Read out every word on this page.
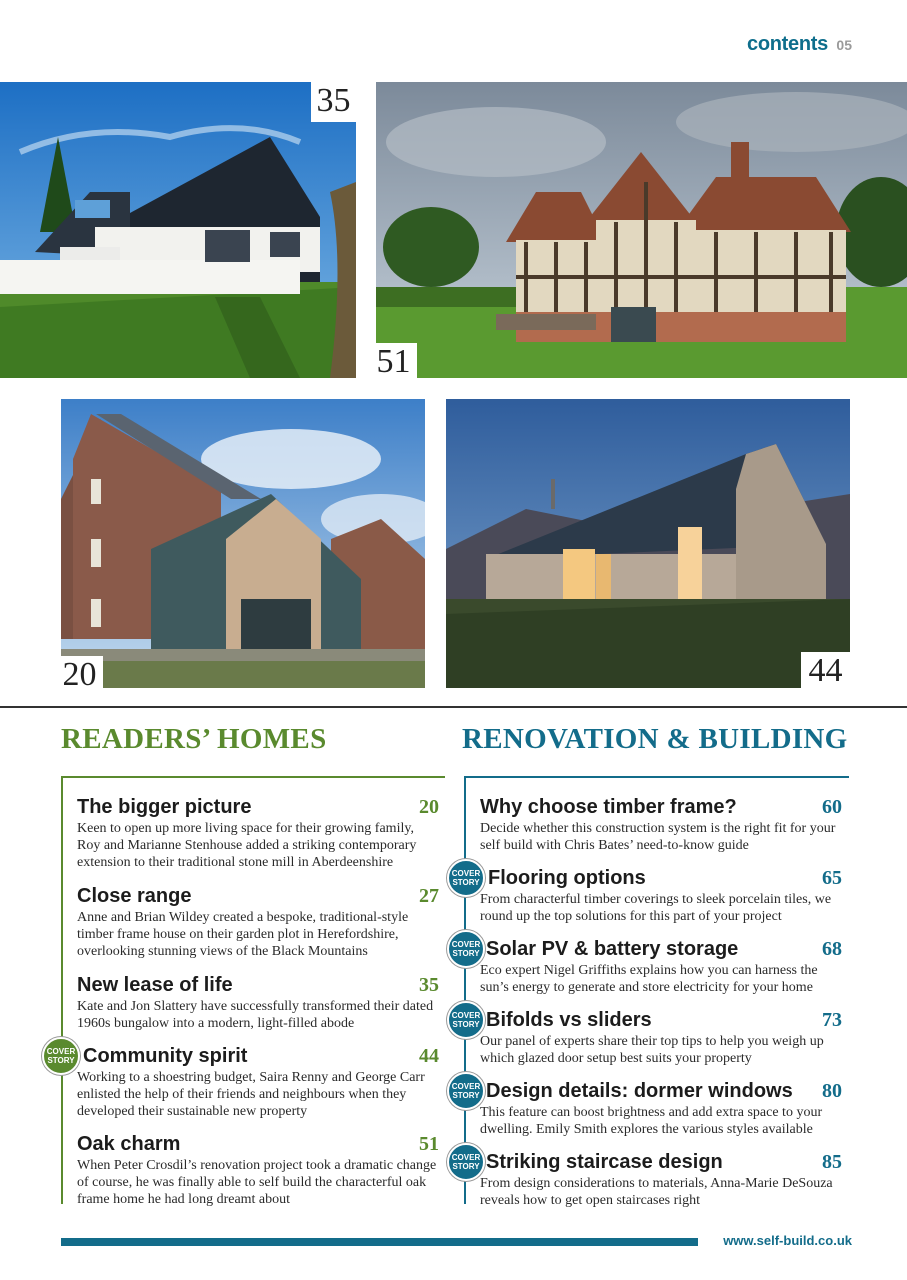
contents 05
35
51
20	44
READERS’ HOMES	RENOVATION & BUILDING
The bigger picture	20
Keen to open up more living space for their growing family, Roy and Marianne Stenhouse added a striking contemporary extension to their traditional stone mill in Aberdeenshire
Close range	27
Anne and Brian Wildey created a bespoke, traditional-style timber frame house on their garden plot in Herefordshire, overlooking stunning views of the Black Mountains
New lease of life	35
Kate and Jon Slattery have successfully transformed their dated 1960s bungalow into a modern, light-filled abode
COVER
STORY Community spirit	44
Working to a shoestring budget, Saira Renny and George Carr enlisted the help of their friends and neighbours when they developed their sustainable new property
Oak charm	51
When Peter Crosdil’s renovation project took a dramatic change of course, he was finally able to self build the characterful oak frame home he had long dreamt about
Why choose timber frame?	60
Decide whether this construction system is the right fit for your self build with Chris Bates’ need-to-know guide
COVER
STORY Flooring options	65
From characterful timber coverings to sleek porcelain tiles, we round up the top solutions for this part of your project
COVER
STORY Solar PV & battery storage	68
Eco expert Nigel Griffiths explains how you can harness the sun’s energy to generate and store electricity for your home
COVER
STORY Bifolds vs sliders	73
Our panel of experts share their top tips to help you weigh up which glazed door setup best suits your property
COVER
STORY Design details: dormer windows	80
This feature can boost brightness and add extra space to your dwelling. Emily Smith explores the various styles available
COVER
STORY Striking staircase design	85
From design considerations to materials, Anna-Marie DeSouza reveals how to get open staircases right
www.self-build.co.uk
